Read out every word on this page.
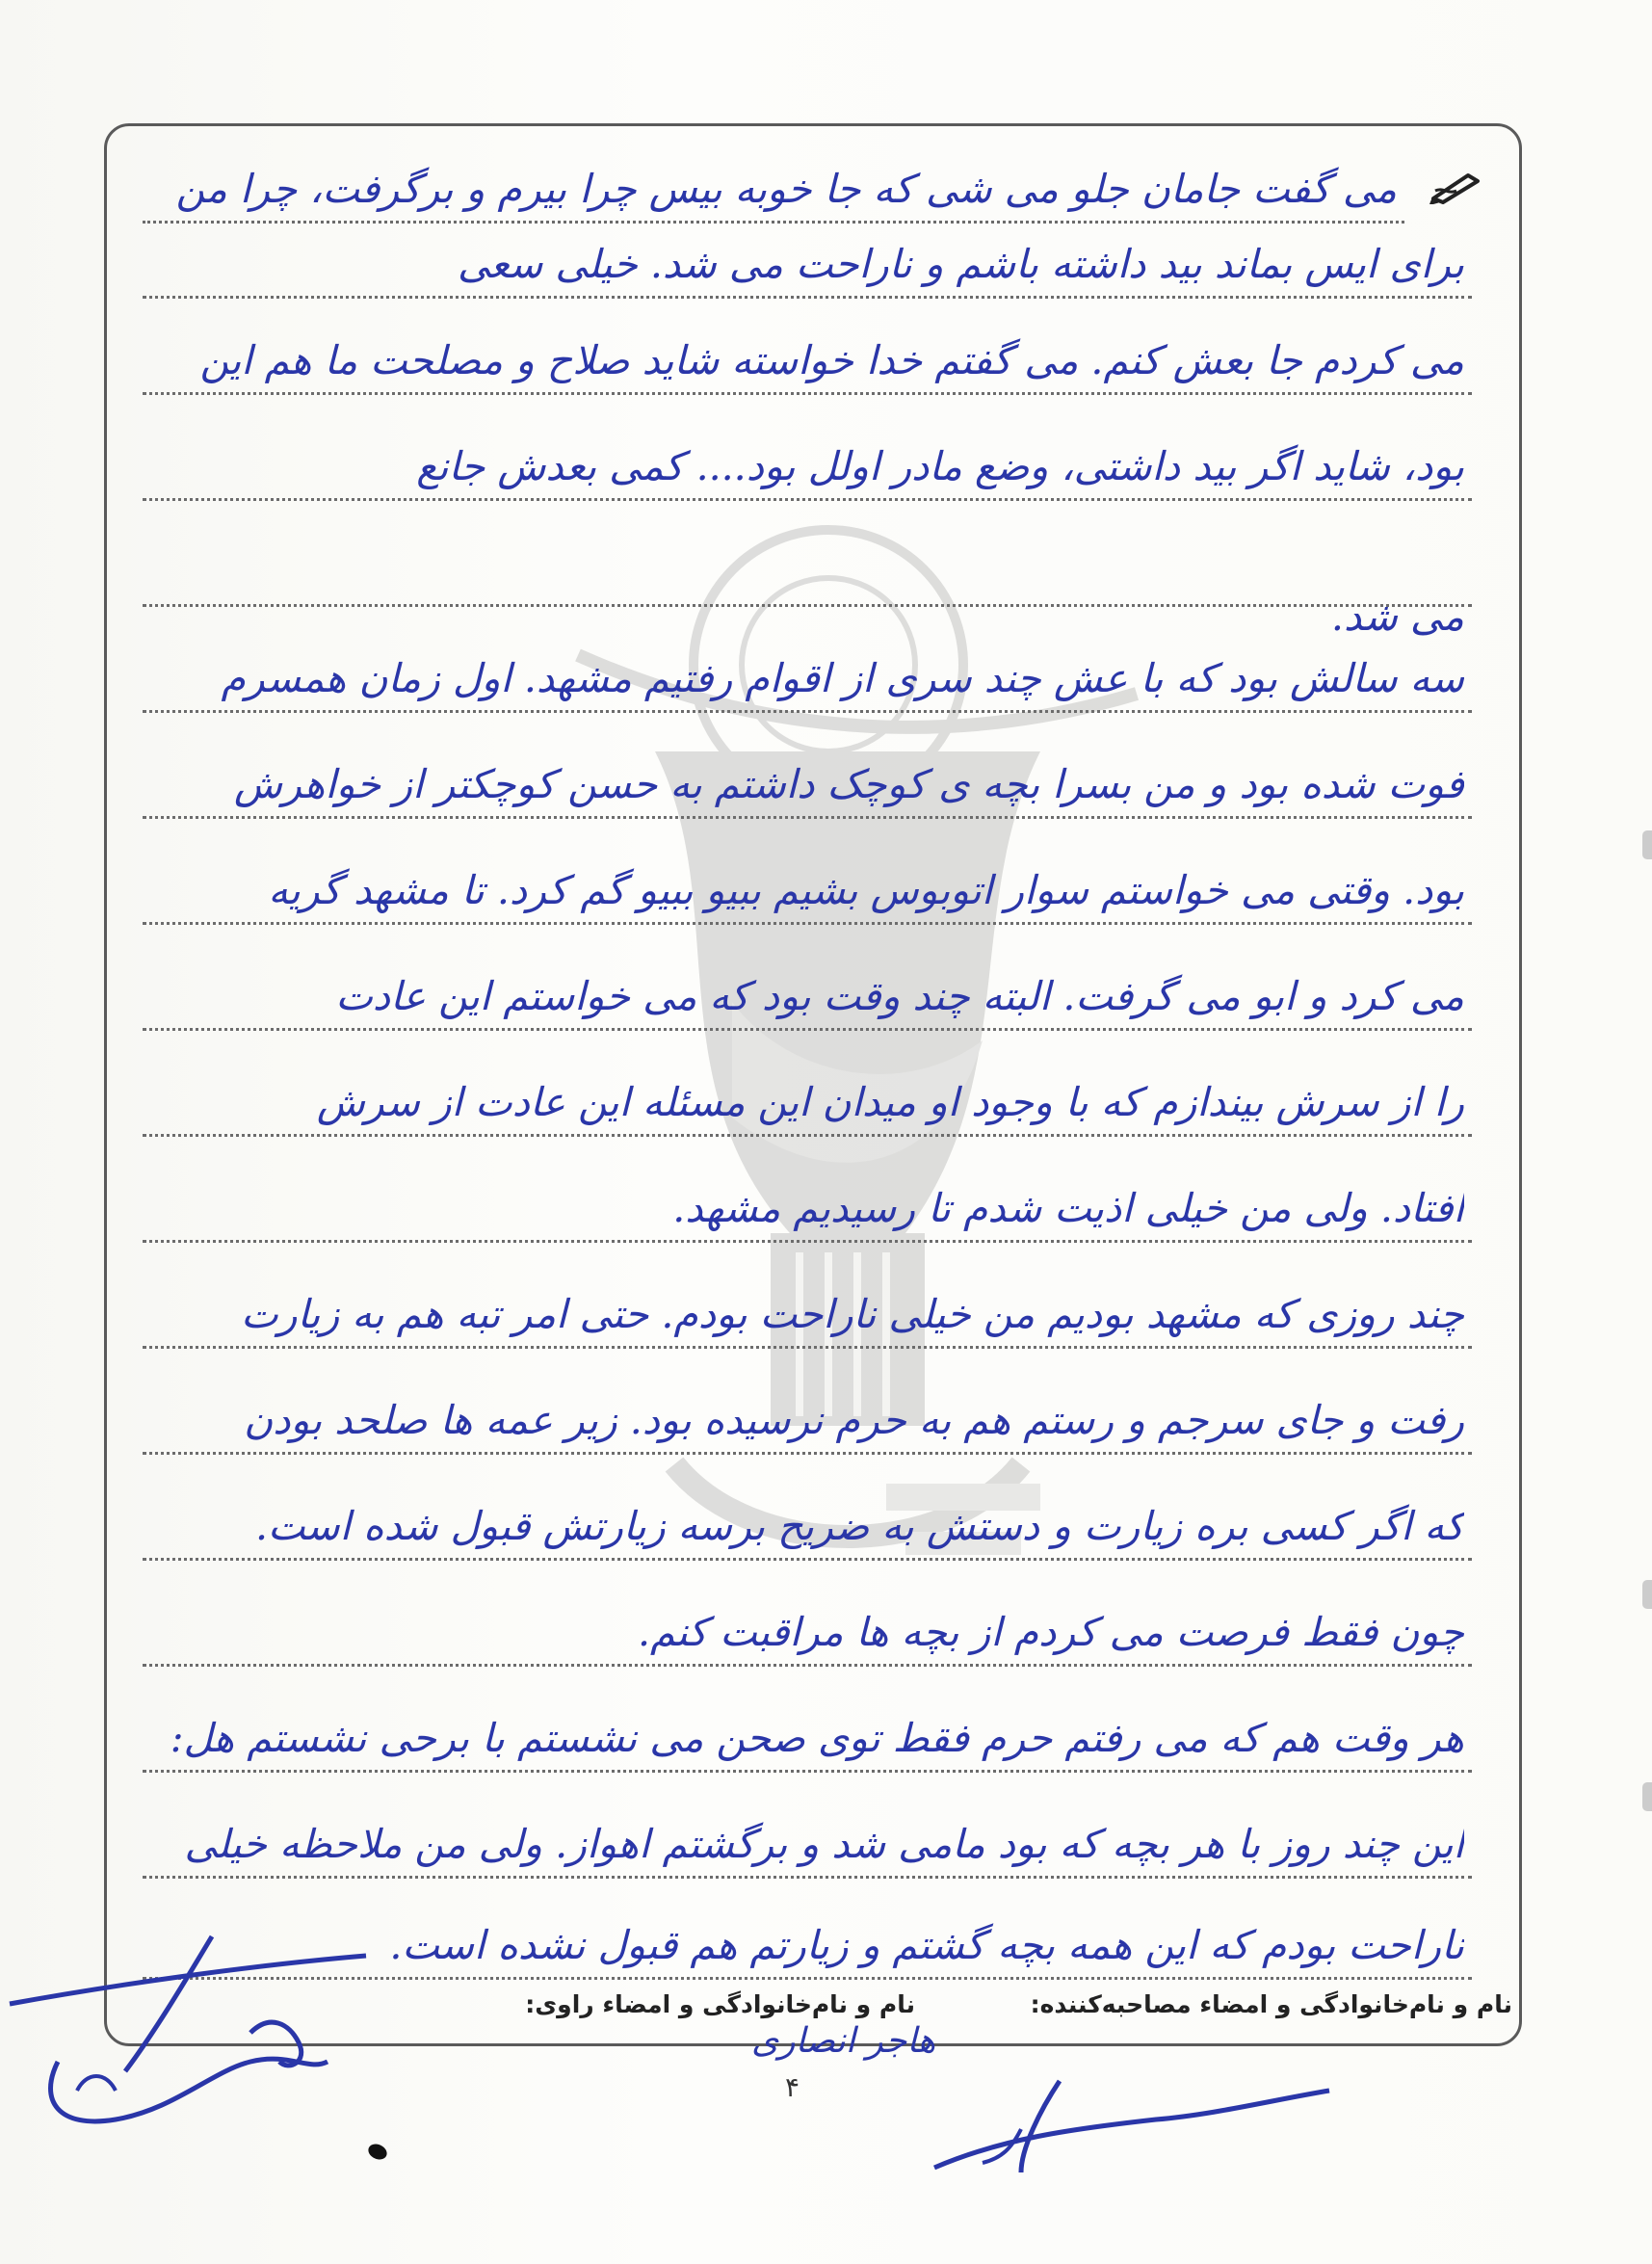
می گفت جامان جلو می شی که جا خوبه بیس چرا بیرم و برگرفت، چرا من
برای ایس بماند بید داشته باشم و ناراحت می شد. خیلی سعی
می کردم جا بعش کنم. می گفتم خدا خواسته شاید صلاح و مصلحت ما هم این
بود، شاید اگر بید داشتی، وضع مادر اولل بود.... کمی بعدش جانع
می شد.
سه سالش بود که با عش چند سری از اقوام رفتیم مشهد. اول زمان همسرم
فوت شده بود و من بسرا بچه ی کوچک داشتم به حسن کوچکتر از خواهرش
بود. وقتی می خواستم سوار اتوبوس بشیم ببیو ببیو گم کرد. تا مشهد گریه
می کرد و ابو می گرفت. البته چند وقت بود که می خواستم این عادت
را از سرش بیندازم که با وجود او میدان این مسئله این عادت از سرش
افتاد. ولی من خیلی اذیت شدم تا رسیدیم مشهد.
چند روزی که مشهد بودیم من خیلی ناراحت بودم. حتی امر تبه هم به زیارت
رفت و جای سرجم و رستم هم به حرم نرسیده بود. زیر عمه ها صلحد بودن
که اگر کسی بره زیارت و دستش به ضریح برسه زیارتش قبول شده است.
چون فقط فرصت می کردم از بچه ها مراقبت کنم.
هر وقت هم که می رفتم حرم فقط توی صحن می نشستم با برحی نشستم هل:
این چند روز با هر بچه که بود مامی شد و برگشتم اهواز. ولی من ملاحظه خیلی
ناراحت بودم که این همه بچه گشتم و زیارتم هم قبول نشده است.
نام و نام‌خانوادگی و امضاء مصاحبه‌کننده:
نام و نام‌خانوادگی و امضاء راوی:
هاجر انصاری
۴
